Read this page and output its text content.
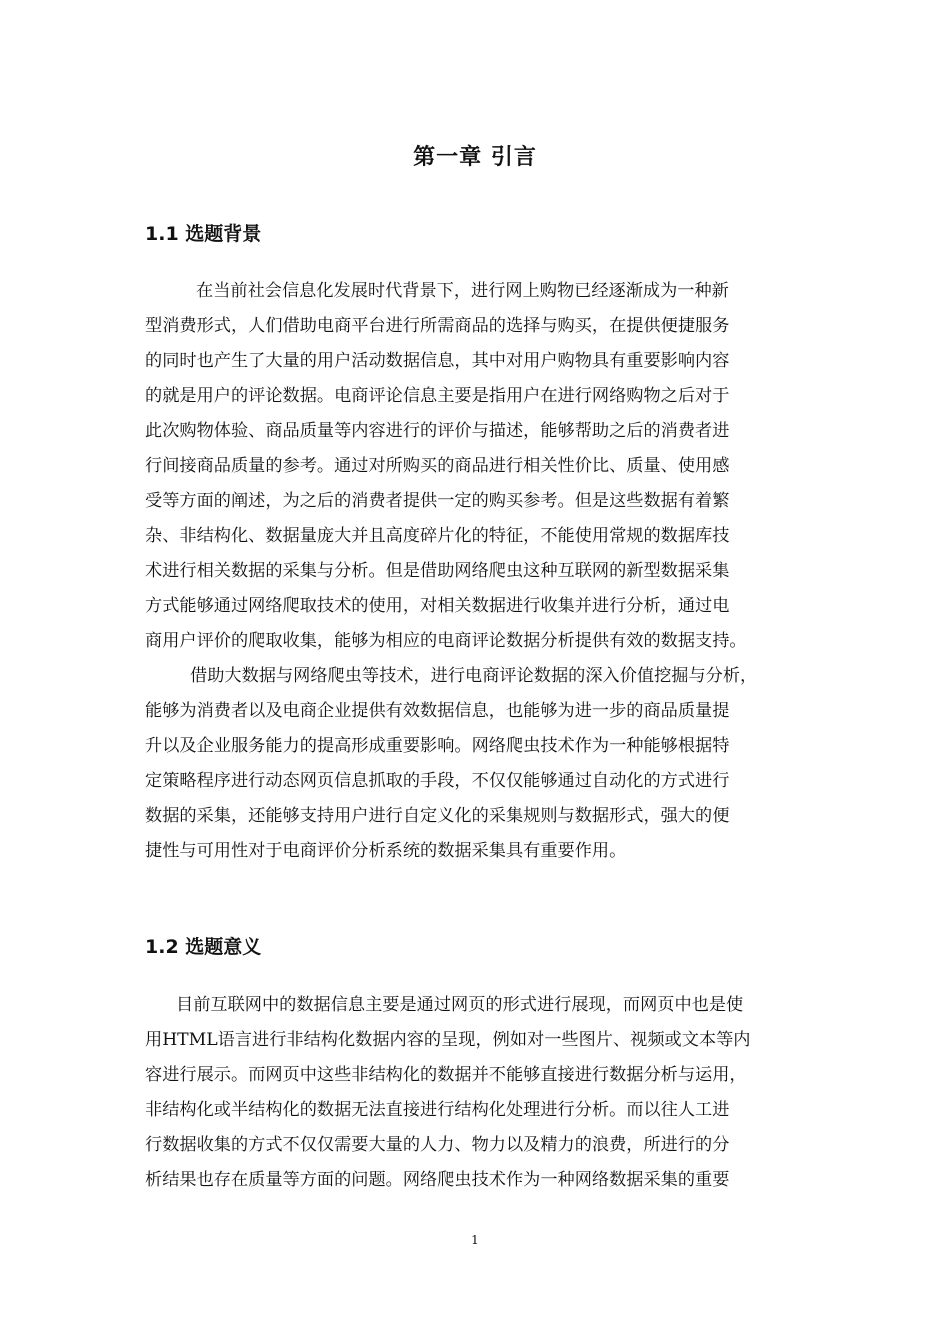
第一章 引言
1.1 选题背景
在当前社会信息化发展时代背景下，进行网上购物已经逐渐成为一种新
型消费形式，人们借助电商平台进行所需商品的选择与购买，在提供便捷服务
的同时也产生了大量的用户活动数据信息，其中对用户购物具有重要影响内容
的就是用户的评论数据。电商评论信息主要是指用户在进行网络购物之后对于
此次购物体验、商品质量等内容进行的评价与描述，能够帮助之后的消费者进
行间接商品质量的参考。通过对所购买的商品进行相关性价比、质量、使用感
受等方面的阐述，为之后的消费者提供一定的购买参考。但是这些数据有着繁
杂、非结构化、数据量庞大并且高度碎片化的特征，不能使用常规的数据库技
术进行相关数据的采集与分析。但是借助网络爬虫这种互联网的新型数据采集
方式能够通过网络爬取技术的使用，对相关数据进行收集并进行分析，通过电
商用户评价的爬取收集，能够为相应的电商评论数据分析提供有效的数据支持。
借助大数据与网络爬虫等技术，进行电商评论数据的深入价值挖掘与分析，
能够为消费者以及电商企业提供有效数据信息，也能够为进一步的商品质量提
升以及企业服务能力的提高形成重要影响。网络爬虫技术作为一种能够根据特
定策略程序进行动态网页信息抓取的手段，不仅仅能够通过自动化的方式进行
数据的采集，还能够支持用户进行自定义化的采集规则与数据形式，强大的便
捷性与可用性对于电商评价分析系统的数据采集具有重要作用。
1.2 选题意义
目前互联网中的数据信息主要是通过网页的形式进行展现，而网页中也是使
用HTML语言进行非结构化数据内容的呈现，例如对一些图片、视频或文本等内
容进行展示。而网页中这些非结构化的数据并不能够直接进行数据分析与运用，
非结构化或半结构化的数据无法直接进行结构化处理进行分析。而以往人工进
行数据收集的方式不仅仅需要大量的人力、物力以及精力的浪费，所进行的分
析结果也存在质量等方面的问题。网络爬虫技术作为一种网络数据采集的重要
1
